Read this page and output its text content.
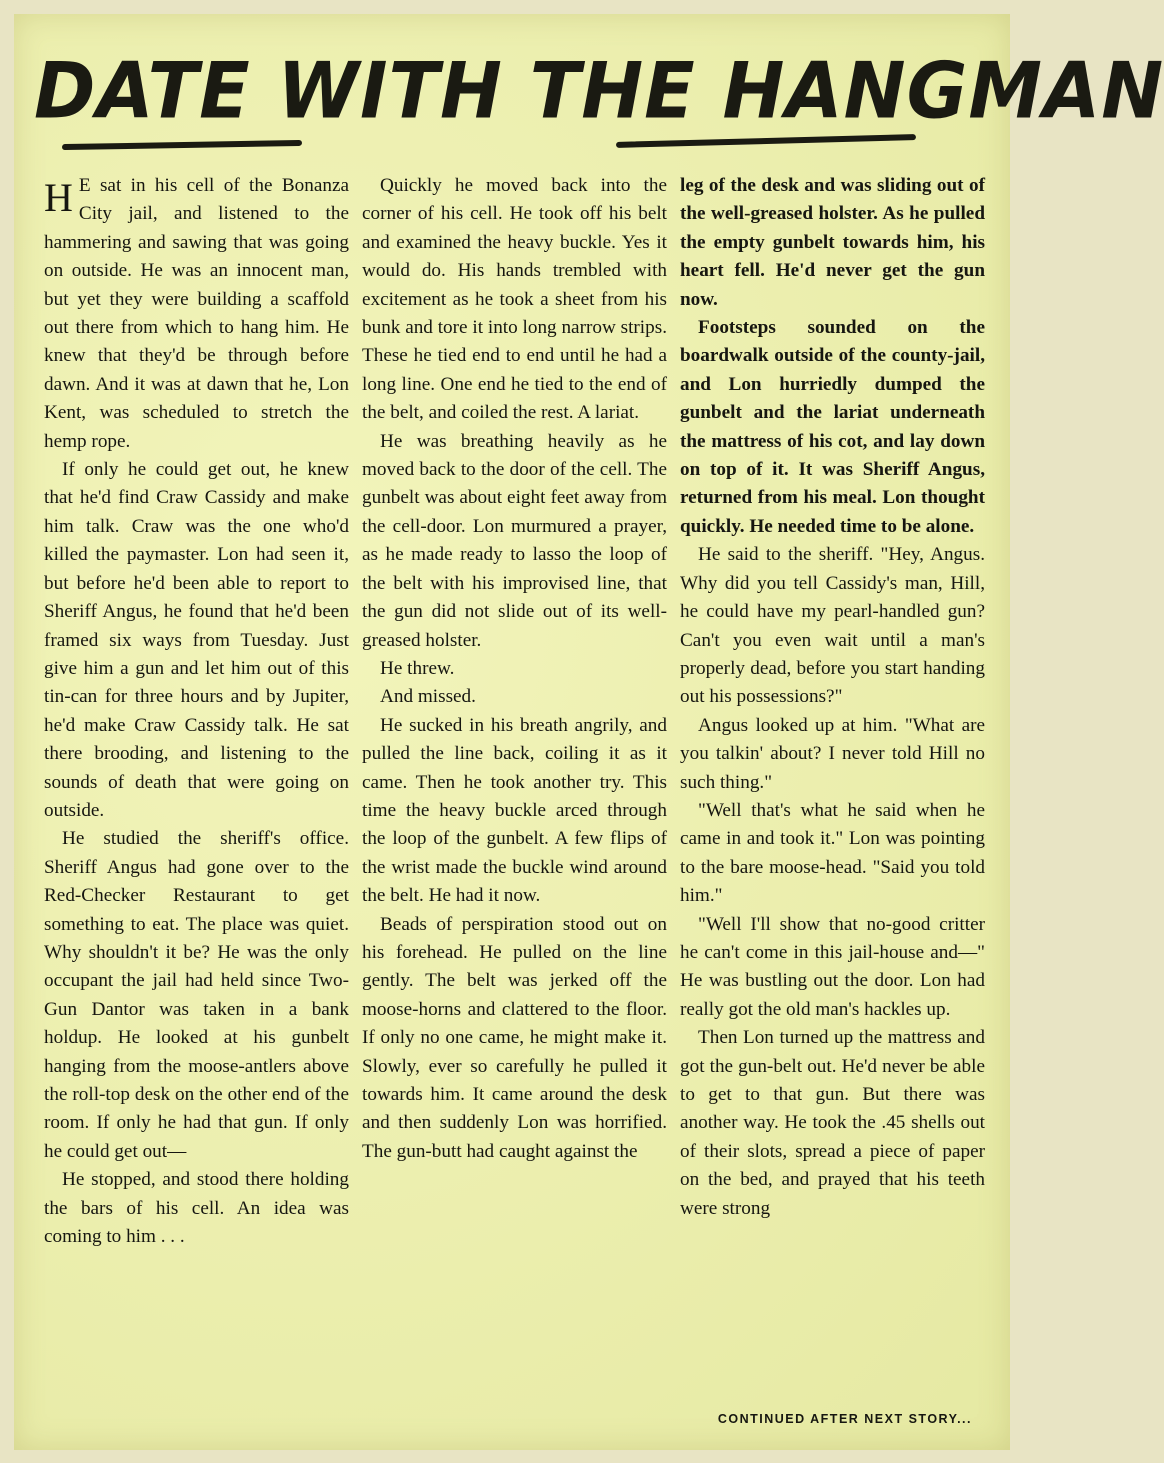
DATE WITH THE HANGMAN

H E sat in his cell of the Bonanza City jail, and listened to the hammering and sawing that was going on outside. He was an innocent man, but yet they were building a scaffold out there from which to hang him. He knew that they'd be through before dawn. And it was at dawn that he, Lon Kent, was scheduled to stretch the hemp rope.

If only he could get out, he knew that he'd find Craw Cassidy and make him talk. Craw was the one who'd killed the paymaster. Lon had seen it, but before he'd been able to report to Sheriff Angus, he found that he'd been framed six ways from Tuesday. Just give him a gun and let him out of this tin-can for three hours and by Jupiter, he'd make Craw Cassidy talk. He sat there brooding, and listening to the sounds of death that were going on outside.

He studied the sheriff's office. Sheriff Angus had gone over to the Red-Checker Restaurant to get something to eat. The place was quiet. Why shouldn't it be? He was the only occupant the jail had held since Two-Gun Dantor was taken in a bank holdup. He looked at his gunbelt hanging from the moose-antlers above the roll-top desk on the other end of the room. If only he had that gun. If only he could get out—

He stopped, and stood there holding the bars of his cell. An idea was coming to him . . .

Quickly he moved back into the corner of his cell. He took off his belt and examined the heavy buckle. Yes it would do. His hands trembled with excitement as he took a sheet from his bunk and tore it into long narrow strips. These he tied end to end until he had a long line. One end he tied to the end of the belt, and coiled the rest. A lariat.

He was breathing heavily as he moved back to the door of the cell. The gunbelt was about eight feet away from the cell-door. Lon murmured a prayer, as he made ready to lasso the loop of the belt with his improvised line, that the gun did not slide out of its well-greased holster.

He threw.

And missed.

He sucked in his breath angrily, and pulled the line back, coiling it as it came. Then he took another try. This time the heavy buckle arced through the loop of the gunbelt. A few flips of the wrist made the buckle wind around the belt. He had it now.

Beads of perspiration stood out on his forehead. He pulled on the line gently. The belt was jerked off the moose-horns and clattered to the floor. If only no one came, he might make it. Slowly, ever so carefully he pulled it towards him. It came around the desk and then suddenly Lon was horrified. The gun-butt had caught against the

leg of the desk and was sliding out of the well-greased holster. As he pulled the empty gunbelt towards him, his heart fell. He'd never get the gun now.

Footsteps sounded on the boardwalk outside of the county-jail, and Lon hurriedly dumped the gunbelt and the lariat underneath the mattress of his cot, and lay down on top of it. It was Sheriff Angus, returned from his meal. Lon thought quickly. He needed time to be alone.

He said to the sheriff. "Hey, Angus. Why did you tell Cassidy's man, Hill, he could have my pearl-handled gun? Can't you even wait until a man's properly dead, before you start handing out his possessions?"

Angus looked up at him. "What are you talkin' about? I never told Hill no such thing."

"Well that's what he said when he came in and took it." Lon was pointing to the bare moose-head. "Said you told him."

"Well I'll show that no-good critter he can't come in this jail-house and—" He was bustling out the door. Lon had really got the old man's hackles up.

Then Lon turned up the mattress and got the gun-belt out. He'd never be able to get to that gun. But there was another way. He took the .45 shells out of their slots, spread a piece of paper on the bed, and prayed that his teeth were strong

CONTINUED AFTER NEXT STORY...
